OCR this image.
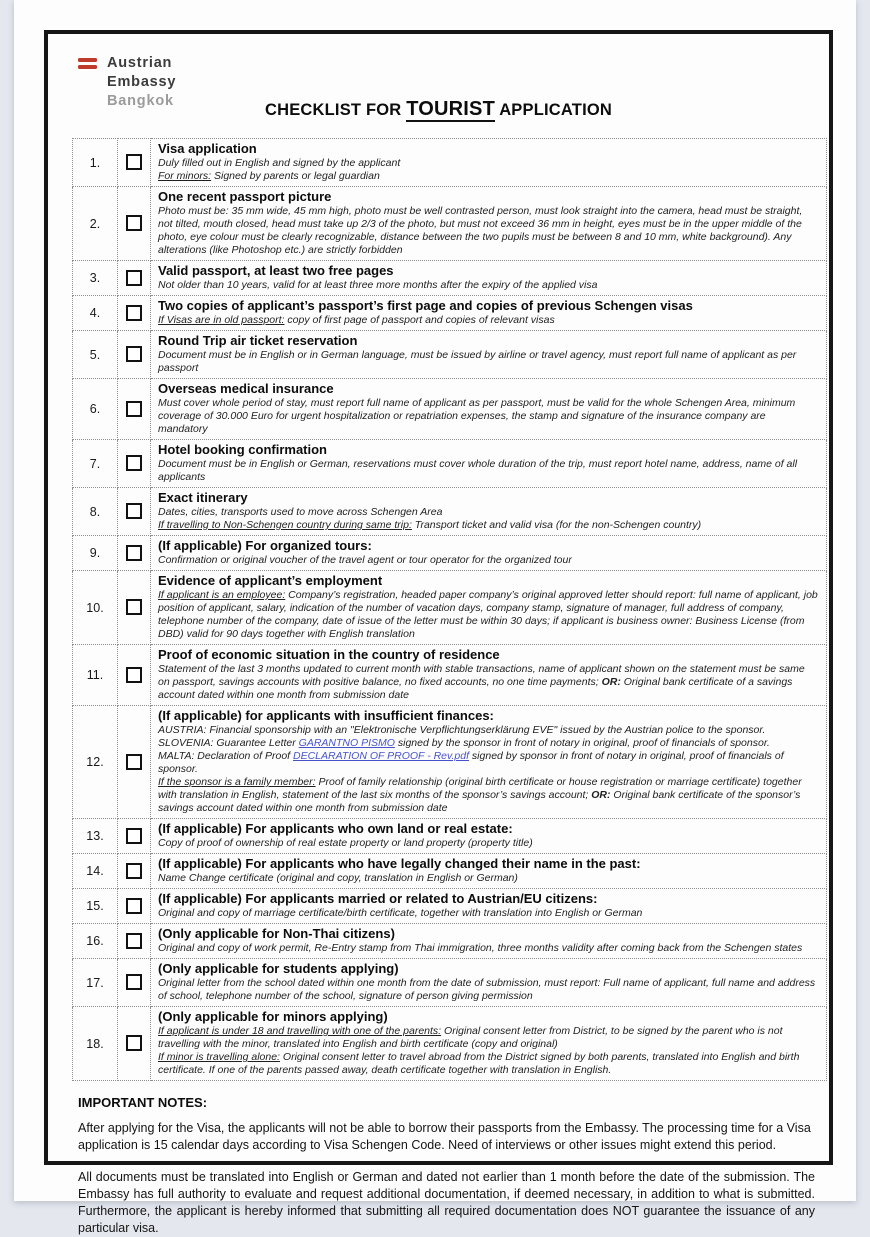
Austrian
Embassy
Bangkok	CHECKLIST FOR TOURIST APPLICATION
1.		Visa application
Duly filled out in English and signed by the applicant
For minors: Signed by parents or legal guardian

2.		One recent passport picture
Photo must be: 35 mm wide, 45 mm high, photo must be well contrasted person, must look straight into the camera, head must be straight, not tilted, mouth closed, head must take up 2/3 of the photo, but must not exceed 36 mm in height, eyes must be in the upper middle of the photo, eye colour must be clearly recognizable, distance between the two pupils must be between 8 and 10 mm, white background). Any alterations (like Photoshop etc.) are strictly forbidden

3.		Valid passport, at least two free pages
Not older than 10 years, valid for at least three more months after the expiry of the applied visa

4.		Two copies of applicant’s passport’s first page and copies of previous Schengen visas
If Visas are in old passport: copy of first page of passport and copies of relevant visas

5.		Round Trip air ticket reservation
Document must be in English or in German language, must be issued by airline or travel agency, must report full name of applicant as per passport

6.		Overseas medical insurance
Must cover whole period of stay, must report full name of applicant as per passport, must be valid for the whole Schengen Area, minimum coverage of 30.000 Euro for urgent hospitalization or repatriation expenses, the stamp and signature of the insurance company are mandatory

7.		Hotel booking confirmation
Document must be in English or German, reservations must cover whole duration of the trip, must report hotel name, address, name of all applicants

8.		Exact itinerary
Dates, cities, transports used to move across Schengen Area
If travelling to Non-Schengen country during same trip: Transport ticket and valid visa (for the non-Schengen country)

9.		(If applicable) For organized tours:
Confirmation or original voucher of the travel agent or tour operator for the organized tour

10.		Evidence of applicant’s employment
If applicant is an employee: Company’s registration, headed paper company’s original approved letter should report: full name of applicant, job position of applicant, salary, indication of the number of vacation days, company stamp, signature of manager, full address of company, telephone number of the company, date of issue of the letter must be within 30 days; if applicant is business owner: Business License (from DBD) valid for 90 days together with English translation

11.		Proof of economic situation in the country of residence
Statement of the last 3 months updated to current month with stable transactions, name of applicant shown on the statement must be same on passport, savings accounts with positive balance, no fixed accounts, no one time payments; OR: Original bank certificate of a savings account dated within one month from submission date

12.		(If applicable) for applicants with insufficient finances:
AUSTRIA: Financial sponsorship with an "Elektronische Verpflichtungserklärung EVE" issued by the Austrian police to the sponsor.
SLOVENIA: Guarantee Letter GARANTNO PISMO signed by the sponsor in front of notary in original, proof of financials of sponsor.
MALTA: Declaration of Proof DECLARATION OF PROOF - Rev.pdf signed by sponsor in front of notary in original, proof of financials of sponsor.
If the sponsor is a family member: Proof of family relationship (original birth certificate or house registration or marriage certificate) together with translation in English, statement of the last six months of the sponsor’s savings account; OR: Original bank certificate of the sponsor’s savings account dated within one month from submission date

13.		(If applicable) For applicants who own land or real estate:
Copy of proof of ownership of real estate property or land property (property title)

14.		(If applicable) For applicants who have legally changed their name in the past:
Name Change certificate (original and copy, translation in English or German)

15.		(If applicable) For applicants married or related to Austrian/EU citizens:
Original and copy of marriage certificate/birth certificate, together with translation into English or German

16.		(Only applicable for Non-Thai citizens)
Original and copy of work permit, Re-Entry stamp from Thai immigration, three months validity after coming back from the Schengen states

17.		(Only applicable for students applying)
Original letter from the school dated within one month from the date of submission, must report: Full name of applicant, full name and address of school, telephone number of the school, signature of person giving permission

18.		(Only applicable for minors applying)
If applicant is under 18 and travelling with one of the parents: Original consent letter from District, to be signed by the parent who is not travelling with the minor, translated into English and birth certificate (copy and original)
If minor is travelling alone: Original consent letter to travel abroad from the District signed by both parents, translated into English and birth certificate. If one of the parents passed away, death certificate together with translation in English.
IMPORTANT NOTES:

After applying for the Visa, the applicants will not be able to borrow their passports from the Embassy. The processing time for a Visa application is 15 calendar days according to Visa Schengen Code. Need of interviews or other issues might extend this period.

All documents must be translated into English or German and dated not earlier than 1 month before the date of the submission. The Embassy has full authority to evaluate and request additional documentation, if deemed necessary, in addition to what is submitted. Furthermore, the applicant is hereby informed that submitting all required documentation does NOT guarantee the issuance of any particular visa.
